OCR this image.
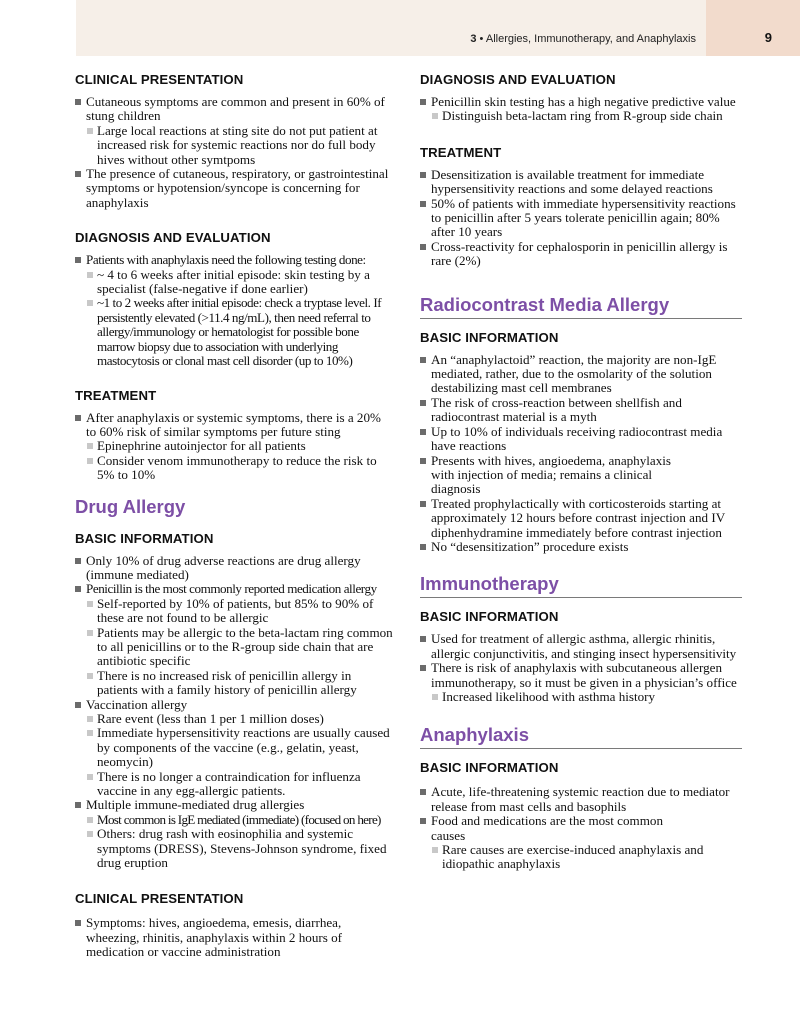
3 • Allergies, Immunotherapy, and Anaphylaxis	9
CLINICAL PRESENTATION
Cutaneous symptoms are common and present in 60% of stung children
Large local reactions at sting site do not put patient at increased risk for systemic reactions nor do full body hives without other symtpoms
The presence of cutaneous, respiratory, or gastrointestinal symptoms or hypotension/syncope is concerning for anaphylaxis
DIAGNOSIS AND EVALUATION
Patients with anaphylaxis need the following testing done:
~ 4 to 6 weeks after initial episode: skin testing by a specialist (false-negative if done earlier)
~1 to 2 weeks after initial episode: check a tryptase level. If persistently elevated (>11.4 ng/mL), then need referral to allergy/immunology or hematologist for possible bone marrow biopsy due to association with underlying mastocytosis or clonal mast cell disorder (up to 10%)
TREATMENT
After anaphylaxis or systemic symptoms, there is a 20% to 60% risk of similar symptoms per future sting
Epinephrine autoinjector for all patients
Consider venom immunotherapy to reduce the risk to 5% to 10%
Drug Allergy
BASIC INFORMATION
Only 10% of drug adverse reactions are drug allergy (immune mediated)
Penicillin is the most commonly reported medication allergy
Self-reported by 10% of patients, but 85% to 90% of these are not found to be allergic
Patients may be allergic to the beta-lactam ring common to all penicillins or to the R-group side chain that are antibiotic specific
There is no increased risk of penicillin allergy in patients with a family history of penicillin allergy
Vaccination allergy
Rare event (less than 1 per 1 million doses)
Immediate hypersensitivity reactions are usually caused by components of the vaccine (e.g., gelatin, yeast, neomycin)
There is no longer a contraindication for influenza vaccine in any egg-allergic patients.
Multiple immune-mediated drug allergies
Most common is IgE mediated (immediate) (focused on here)
Others: drug rash with eosinophilia and systemic symptoms (DRESS), Stevens-Johnson syndrome, fixed drug eruption
CLINICAL PRESENTATION
Symptoms: hives, angioedema, emesis, diarrhea, wheezing, rhinitis, anaphylaxis within 2 hours of medication or vaccine administration
DIAGNOSIS AND EVALUATION
Penicillin skin testing has a high negative predictive value
Distinguish beta-lactam ring from R-group side chain
TREATMENT
Desensitization is available treatment for immediate hypersensitivity reactions and some delayed reactions
50% of patients with immediate hypersensitivity reactions to penicillin after 5 years tolerate penicillin again; 80% after 10 years
Cross-reactivity for cephalosporin in penicillin allergy is rare (2%)
Radiocontrast Media Allergy
BASIC INFORMATION
An “anaphylactoid” reaction, the majority are non-IgE mediated, rather, due to the osmolarity of the solution destabilizing mast cell membranes
The risk of cross-reaction between shellfish and radiocontrast material is a myth
Up to 10% of individuals receiving radiocontrast media have reactions
Presents with hives, angioedema, anaphylaxis with injection of media; remains a clinical diagnosis
Treated prophylactically with corticosteroids starting at approximately 12 hours before contrast injection and IV diphenhydramine immediately before contrast injection
No “desensitization” procedure exists
Immunotherapy
BASIC INFORMATION
Used for treatment of allergic asthma, allergic rhinitis, allergic conjunctivitis, and stinging insect hypersensitivity
There is risk of anaphylaxis with subcutaneous allergen immunotherapy, so it must be given in a physician’s office
Increased likelihood with asthma history
Anaphylaxis
BASIC INFORMATION
Acute, life-threatening systemic reaction due to mediator release from mast cells and basophils
Food and medications are the most common causes
Rare causes are exercise-induced anaphylaxis and idiopathic anaphylaxis
